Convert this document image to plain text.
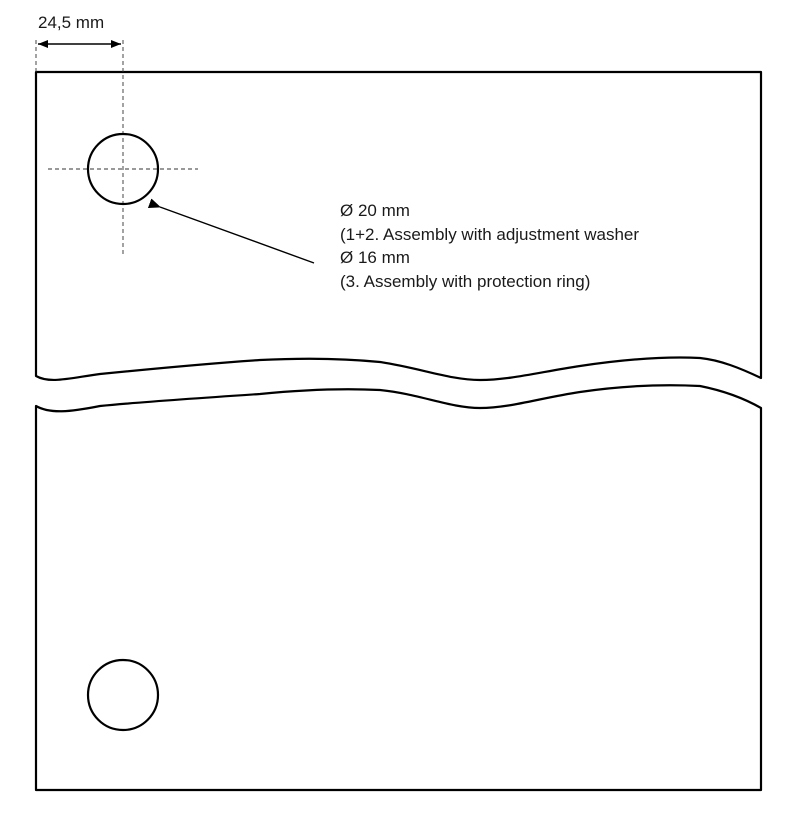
24,5 mm
Ø 20 mm
(1+2. Assembly with adjustment washer
Ø 16 mm
(3. Assembly with protection ring)
